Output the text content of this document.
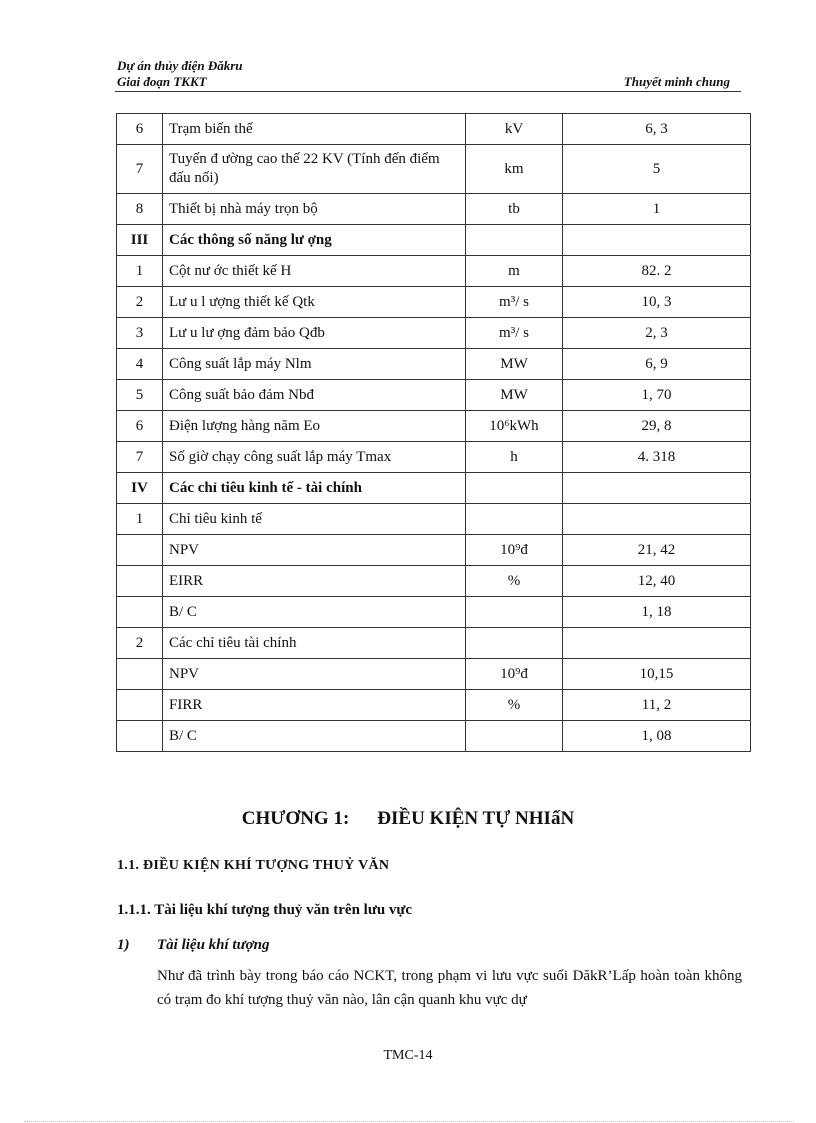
Dự án thủy điện Đăkru
Giai đoạn TKKT	Thuyết minh chung
6	Trạm biến thế	kV	6, 3
7	Tuyến đ ường cao thế 22 KV (Tính đến điểm đấu nối)	km	5
8	Thiết bị nhà máy trọn bộ	tb	1
III	Các thông số năng lư ợng		
1	Cột nư ớc thiết kế H	m	82. 2
2	Lư u l ượng thiết kế Qtk	m³/ s	10, 3
3	Lư u lư ợng đảm bảo Qđb	m³/ s	2, 3
4	Công suất lắp máy Nlm	MW	6, 9
5	Công suất bảo đảm Nbđ	MW	1, 70
6	Điện lượng hàng năm Eo	10⁶kWh	29, 8
7	Số giờ chạy công suất lắp máy Tmax	h	4. 318
IV	Các chỉ tiêu kinh tế - tài chính		
1	Chỉ tiêu kinh tế		
	NPV	10⁹đ	21, 42
	EIRR	%	12, 40
	B/ C		1, 18
2	Các chỉ tiêu tài chính		
	NPV	10⁹đ	10,15
	FIRR	%	11, 2
	B/ C		1, 08
CHƯƠNG 1: ĐIỀU KIỆN TỰ NHIấN
1.1. ĐIỀU KIỆN KHÍ TƯỢNG THUỶ VĂN
1.1.1. Tài liệu khí tượng thuỷ văn trên lưu vực
1) Tài liệu khí tượng
Như đã trình bày trong báo cáo NCKT, trong phạm vi lưu vực suối DăkR’Lấp hoàn toàn không có trạm đo khí tượng thuỷ văn nào, lân cận quanh khu vực dự
TMC-14
